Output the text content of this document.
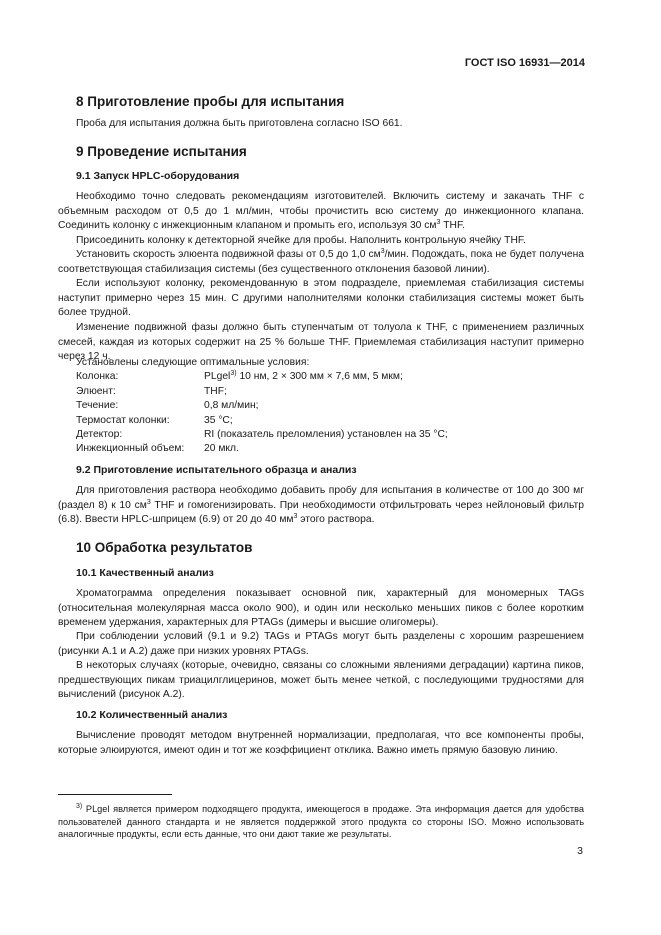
ГОСТ ISO 16931—2014
8 Приготовление пробы для испытания
Проба для испытания должна быть приготовлена согласно ISO 661.
9 Проведение испытания
9.1 Запуск HPLC-оборудования
Необходимо точно следовать рекомендациям изготовителей. Включить систему и закачать THF с объемным расходом от 0,5 до 1 мл/мин, чтобы прочистить всю систему до инжекционного клапана. Соединить колонку с инжекционным клапаном и промыть его, используя 30 $см^3$ THF.
Присоединить колонку к детекторной ячейке для пробы. Наполнить контрольную ячейку THF.
Установить скорость элюента подвижной фазы от 0,5 до 1,0 $см^3$/мин. Подождать, пока не будет получена соответствующая стабилизация системы (без существенного отклонения базовой линии).
Если используют колонку, рекомендованную в этом подразделе, приемлемая стабилизация системы наступит примерно через 15 мин. С другими наполнителями колонки стабилизация системы может быть более трудной.
Изменение подвижной фазы должно быть ступенчатым от толуола к THF, с применением различных смесей, каждая из которых содержит на 25 % больше THF. Приемлемая стабилизация наступит примерно через 12 ч.
Установлены следующие оптимальные условия:
Колонка:	PLgel$^{3)}$ 10 нм, 2 × 300 мм × 7,6 мм, 5 мкм;
Элюент:	THF;
Течение:	0,8 мл/мин;
Термостат колонки:	35 °С;
Детектор:	RI (показатель преломления) установлен на 35 °С;
Инжекционный объем: 20 мкл.
9.2 Приготовление испытательного образца и анализ
Для приготовления раствора необходимо добавить пробу для испытания в количестве от 100 до 300 мг (раздел 8) к 10 $см^3$ THF и гомогенизировать. При необходимости отфильтровать через нейлоновый фильтр (6.8). Ввести HPLC-шприцем (6.9) от 20 до 40 $мм^3$ этого раствора.
10 Обработка результатов
10.1 Качественный анализ
Хроматограмма определения показывает основной пик, характерный для мономерных TAGs (относительная молекулярная масса около 900), и один или несколько меньших пиков с более коротким временем удержания, характерных для PTAGs (димеры и высшие олигомеры).
При соблюдении условий (9.1 и 9.2) TAGs и PTAGs могут быть разделены с хорошим разрешением (рисунки А.1 и А.2) даже при низких уровнях PTAGs.
В некоторых случаях (которые, очевидно, связаны со сложными явлениями деградации) картина пиков, предшествующих пикам триацилглицеринов, может быть менее четкой, с последующими трудностями для вычислений (рисунок А.2).
10.2 Количественный анализ
Вычисление проводят методом внутренней нормализации, предполагая, что все компоненты пробы, которые элюируются, имеют один и тот же коэффициент отклика. Важно иметь прямую базовую линию.
$^{3)}$ PLgel является примером подходящего продукта, имеющегося в продаже. Эта информация дается для удобства пользователей данного стандарта и не является поддержкой этого продукта со стороны ISO. Можно использовать аналогичные продукты, если есть данные, что они дают такие же результаты.
3
